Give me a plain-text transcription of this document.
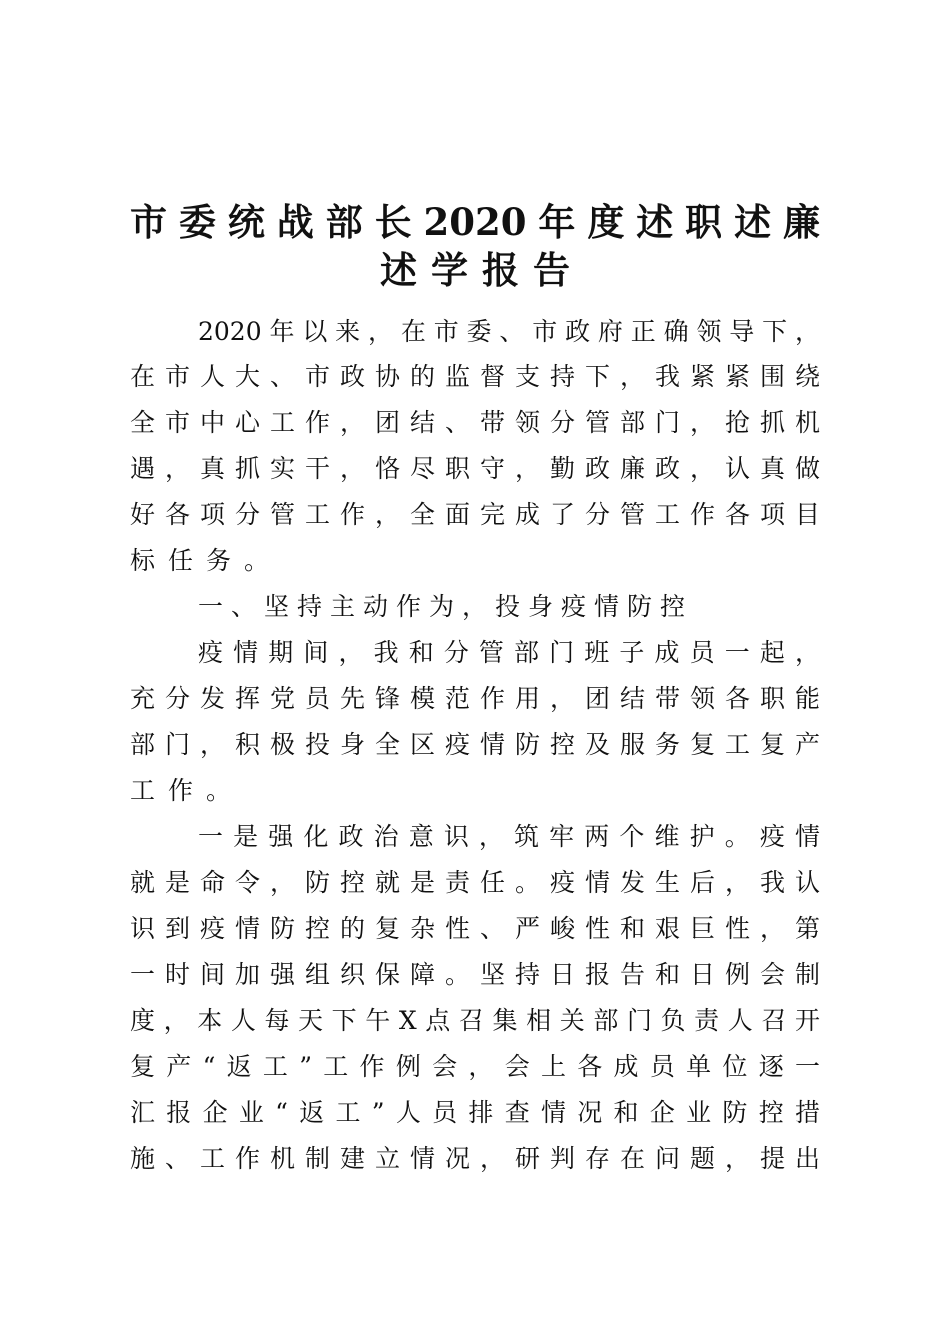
市委统战部长2020年度述职述廉
述学报告

2020年以来，在市委、市政府正确领导下，

在市人大、市政协的监督支持下，我紧紧围绕

全市中心工作，团结、带领分管部门，抢抓机

遇，真抓实干，恪尽职守，勤政廉政，认真做

好各项分管工作，全面完成了分管工作各项目

标任务。

一、坚持主动作为，投身疫情防控

疫情期间，我和分管部门班子成员一起，

充分发挥党员先锋模范作用，团结带领各职能

部门，积极投身全区疫情防控及服务复工复产

工作。

一是强化政治意识，筑牢两个维护。疫情

就是命令，防控就是责任。疫情发生后，我认

识到疫情防控的复杂性、严峻性和艰巨性，第

一时间加强组织保障。坚持日报告和日例会制

度，本人每天下午X点召集相关部门负责人召开

复产“返工”工作例会，会上各成员单位逐一

汇报企业“返工”人员排查情况和企业防控措

施、工作机制建立情况，研判存在问题，提出
